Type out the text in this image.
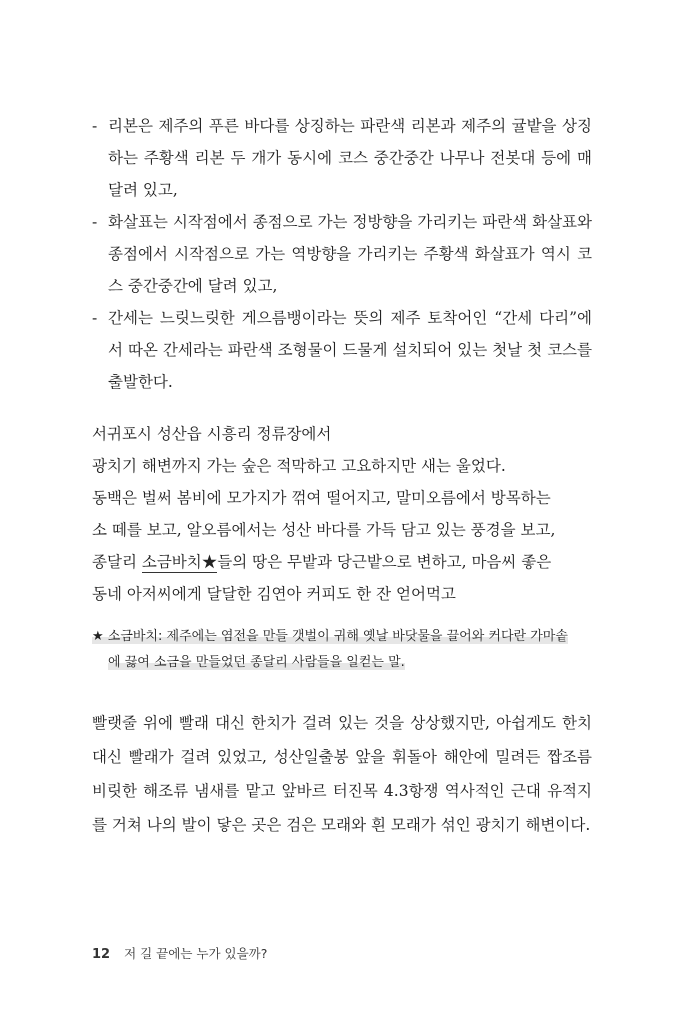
- 리본은 제주의 푸른 바다를 상징하는 파란색 리본과 제주의 귤밭을 상징하는 주황색 리본 두 개가 동시에 코스 중간중간 나무나 전봇대 등에 매달려 있고,
- 화살표는 시작점에서 종점으로 가는 정방향을 가리키는 파란색 화살표와 종점에서 시작점으로 가는 역방향을 가리키는 주황색 화살표가 역시 코스 중간중간에 달려 있고,
- 간세는 느릿느릿한 게으름뱅이라는 뜻의 제주 토착어인 “간세 다리”에서 따온 간세라는 파란색 조형물이 드물게 설치되어 있는 첫날 첫 코스를 출발한다.
서귀포시 성산읍 시흥리 정류장에서
광치기 해변까지 가는 숲은 적막하고 고요하지만 새는 울었다.
동백은 벌써 봄비에 모가지가 꺾여 떨어지고, 말미오름에서 방목하는
소 떼를 보고, 알오름에서는 성산 바다를 가득 담고 있는 풍경을 보고,
종달리 소금바치★들의 땅은 무밭과 당근밭으로 변하고, 마음씨 좋은
동네 아저씨에게 달달한 김연아 커피도 한 잔 얻어먹고
★ 소금바치: 제주에는 염전을 만들 갯벌이 귀해 옛날 바닷물을 끌어와 커다란 가마솥
에 끓여 소금을 만들었던 종달리 사람들을 일컫는 말.
빨랫줄 위에 빨래 대신 한치가 걸려 있는 것을 상상했지만, 아쉽게도 한치 대신 빨래가 걸려 있었고, 성산일출봉 앞을 휘돌아 해안에 밀려든 짭조름 비릿한 해조류 냄새를 맡고 앞바르 터진목 4.3항쟁 역사적인 근대 유적지를 거쳐 나의 발이 닿은 곳은 검은 모래와 흰 모래가 섞인 광치기 해변이다.
12 저 길 끝에는 누가 있을까?
